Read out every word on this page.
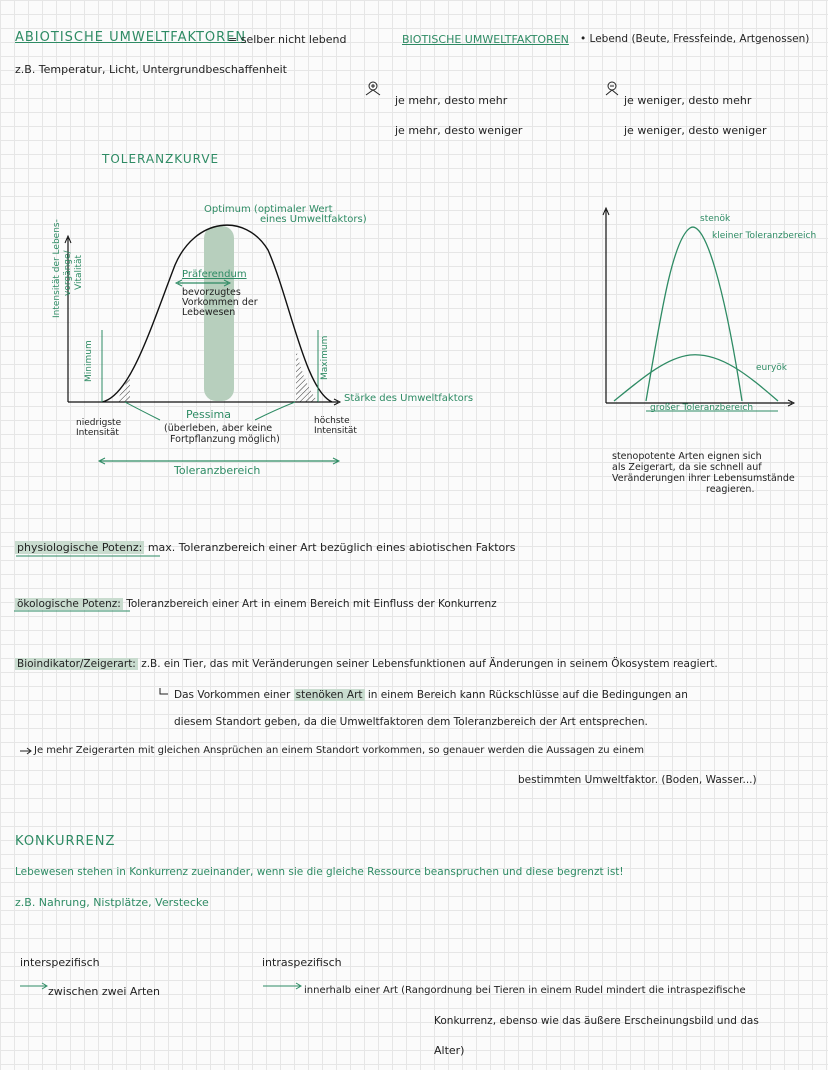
ABIOTISCHE UMWELTFAKTOREN
= selber nicht lebend	BIOTISCHE UMWELTFAKTOREN • Lebend (Beute, Fressfeinde, Artgenossen)
z.B. Temperatur, Licht, Untergrundbeschaffenheit
je mehr, desto mehr
je mehr, desto weniger
je weniger, desto mehr
je weniger, desto weniger
TOLERANZKURVE
Intensität der Lebens- vorgänge/ Vitalität
Minimum	Maximum
Optimum (optimaler Wert
eines Umweltfaktors)
Präferendum
bevorzugtes
Vorkommen der
Lebewesen
Stärke des Umweltfaktors
niedrigste
Intensität
höchste
Intensität
Pessima
(überleben, aber keine
Fortpflanzung möglich)
Toleranzbereich
stenök
kleiner Toleranzbereich
euryök
großer Toleranzbereich
stenopotente Arten eignen sich
als Zeigerart, da sie schnell auf
Veränderungen ihrer Lebensumstände
reagieren.
physiologische Potenz: max. Toleranzbereich einer Art bezüglich eines abiotischen Faktors
ökologische Potenz: Toleranzbereich einer Art in einem Bereich mit Einfluss der Konkurrenz
Bioindikator/Zeigerart: z.B. ein Tier, das mit Veränderungen seiner Lebensfunktionen auf Änderungen in seinem Ökosystem reagiert.
Das Vorkommen einer stenöken Art in einem Bereich kann Rückschlüsse auf die Bedingungen an
diesem Standort geben, da die Umweltfaktoren dem Toleranzbereich der Art entsprechen.
Je mehr Zeigerarten mit gleichen Ansprüchen an einem Standort vorkommen, so genauer werden die Aussagen zu einem
bestimmten Umweltfaktor. (Boden, Wasser...)
KONKURRENZ
Lebewesen stehen in Konkurrenz zueinander, wenn sie die gleiche Ressource beanspruchen und diese begrenzt ist!
z.B. Nahrung, Nistplätze, Verstecke
interspezifisch
zwischen zwei Arten
intraspezifisch
innerhalb einer Art (Rangordnung bei Tieren in einem Rudel mindert die intraspezifische
Konkurrenz, ebenso wie das äußere Erscheinungsbild und das
Alter)
